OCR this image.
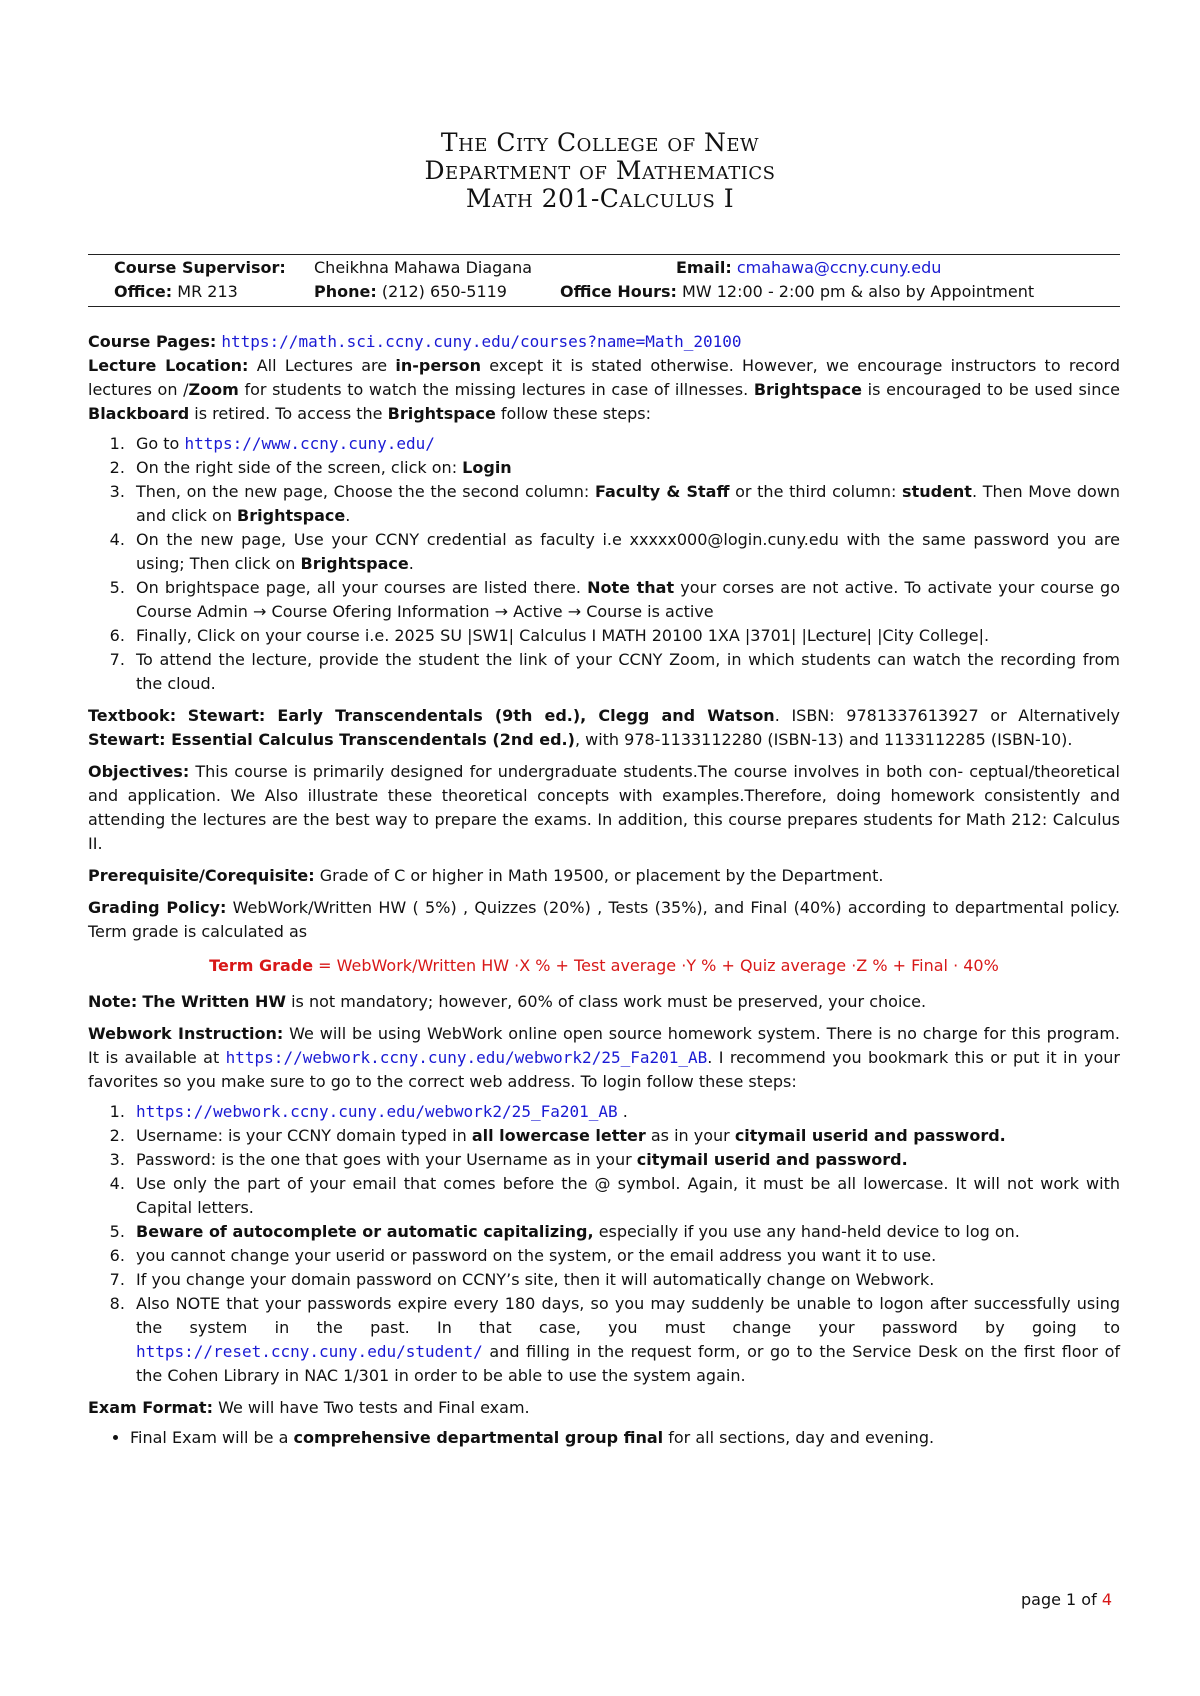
The City College of New
Department of Mathematics
Math 201-Calculus I
Course Supervisor: Cheikhna Mahawa Diagana	Email: cmahawa@ccny.cuny.edu
Office: MR 213	Phone: (212) 650-5119	Office Hours: MW 12:00 - 2:00 pm & also by Appointment

Course Pages: https://math.sci.ccny.cuny.edu/courses?name=Math_20100

Lecture Location: All Lectures are in-person except it is stated otherwise. However, we encourage instructors to record lectures on /Zoom for students to watch the missing lectures in case of illnesses. Brightspace is encouraged to be used since Blackboard is retired. To access the Brightspace follow these steps:

1. Go to https://www.ccny.cuny.edu/
2. On the right side of the screen, click on: Login
3. Then, on the new page, Choose the the second column: Faculty & Staff or the third column: student. Then Move down and click on Brightspace.
4. On the new page, Use your CCNY credential as faculty i.e xxxxx000@login.cuny.edu with the same password you are using; Then click on Brightspace.
5. On brightspace page, all your courses are listed there. Note that your corses are not active. To activate your course go Course Admin → Course Ofering Information → Active → Course is active
6. Finally, Click on your course i.e. 2025 SU |SW1| Calculus I MATH 20100 1XA |3701| |Lecture| |City College|.
7. To attend the lecture, provide the student the link of your CCNY Zoom, in which students can watch the recording from the cloud.

Textbook: Stewart: Early Transcendentals (9th ed.), Clegg and Watson. ISBN: 9781337613927 or Alternatively Stewart: Essential Calculus Transcendentals (2nd ed.), with 978-1133112280 (ISBN-13) and 1133112285 (ISBN-10).

Objectives: This course is primarily designed for undergraduate students.The course involves in both con- ceptual/theoretical and application. We Also illustrate these theoretical concepts with examples.Therefore, doing homework consistently and attending the lectures are the best way to prepare the exams. In addition, this course prepares students for Math 212: Calculus II.

Prerequisite/Corequisite: Grade of C or higher in Math 19500, or placement by the Department.

Grading Policy: WebWork/Written HW ( 5%) , Quizzes (20%) , Tests (35%), and Final (40%) according to departmental policy. Term grade is calculated as

Term Grade = WebWork/Written HW ·X % + Test average ·Y % + Quiz average ·Z % + Final · 40%

Note: The Written HW is not mandatory; however, 60% of class work must be preserved, your choice.

Webwork Instruction: We will be using WebWork online open source homework system. There is no charge for this program. It is available at https://webwork.ccny.cuny.edu/webwork2/25_Fa201_AB. I recommend you bookmark this or put it in your favorites so you make sure to go to the correct web address. To login follow these steps:

1. https://webwork.ccny.cuny.edu/webwork2/25_Fa201_AB .
2. Username: is your CCNY domain typed in all lowercase letter as in your citymail userid and password.
3. Password: is the one that goes with your Username as in your citymail userid and password.
4. Use only the part of your email that comes before the @ symbol. Again, it must be all lowercase. It will not work with Capital letters.
5. Beware of autocomplete or automatic capitalizing, especially if you use any hand-held device to log on.
6. you cannot change your userid or password on the system, or the email address you want it to use.
7. If you change your domain password on CCNY’s site, then it will automatically change on Webwork.
8. Also NOTE that your passwords expire every 180 days, so you may suddenly be unable to logon after successfully using the system in the past. In that case, you must change your password by going to https://reset.ccny.cuny.edu/student/ and filling in the request form, or go to the Service Desk on the first floor of the Cohen Library in NAC 1/301 in order to be able to use the system again.

Exam Format: We will have Two tests and Final exam.

• Final Exam will be a comprehensive departmental group final for all sections, day and evening.
page 1 of 4
